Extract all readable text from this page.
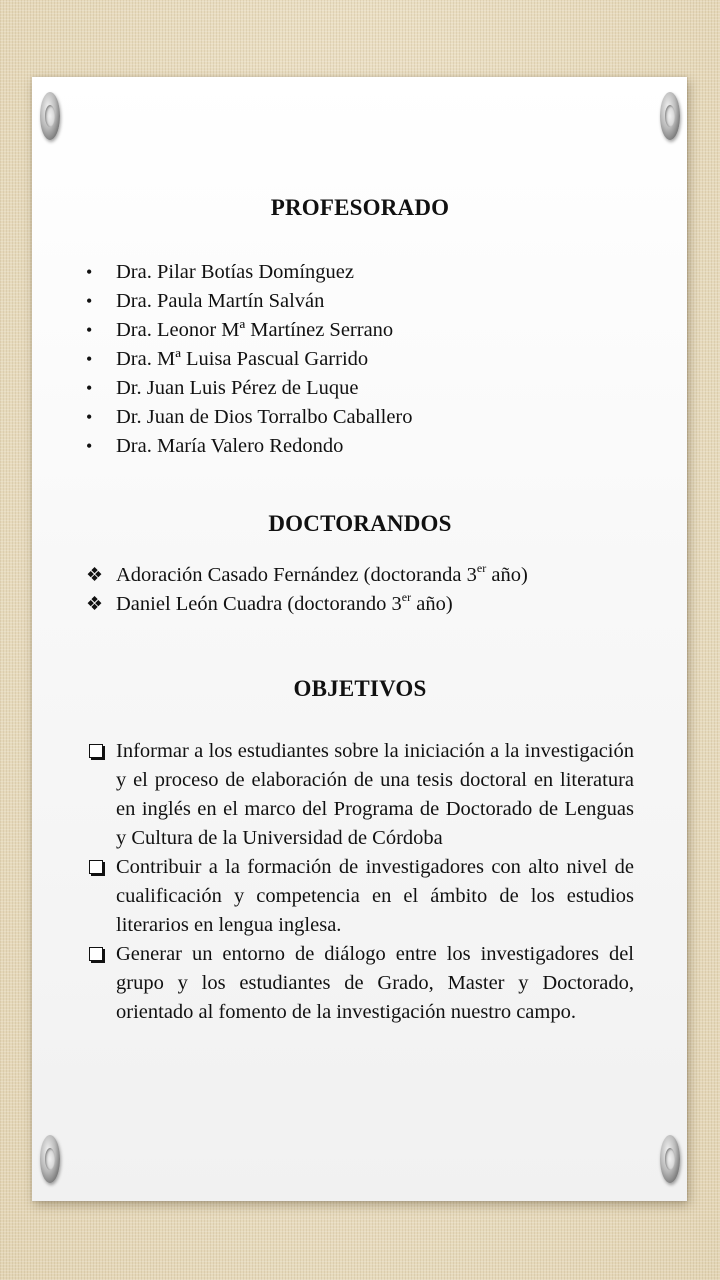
PROFESORADO
• Dra. Pilar Botías Domínguez
• Dra. Paula Martín Salván
• Dra. Leonor Mª Martínez Serrano
• Dra. Mª Luisa Pascual Garrido
• Dr. Juan Luis Pérez de Luque
• Dr. Juan de Dios Torralbo Caballero
• Dra. María Valero Redondo
DOCTORANDOS
❖ Adoración Casado Fernández (doctoranda 3er año)
❖ Daniel León Cuadra (doctorando 3er año)
OBJETIVOS
Informar a los estudiantes sobre la iniciación a la investigación y el proceso de elaboración de una tesis doctoral en literatura en inglés en el marco del Programa de Doctorado de Lenguas y Cultura de la Universidad de Córdoba
Contribuir a la formación de investigadores con alto nivel de cualificación y competencia en el ámbito de los estudios literarios en lengua inglesa.
Generar un entorno de diálogo entre los investigadores del grupo y los estudiantes de Grado, Master y Doctorado, orientado al fomento de la investigación nuestro campo.
